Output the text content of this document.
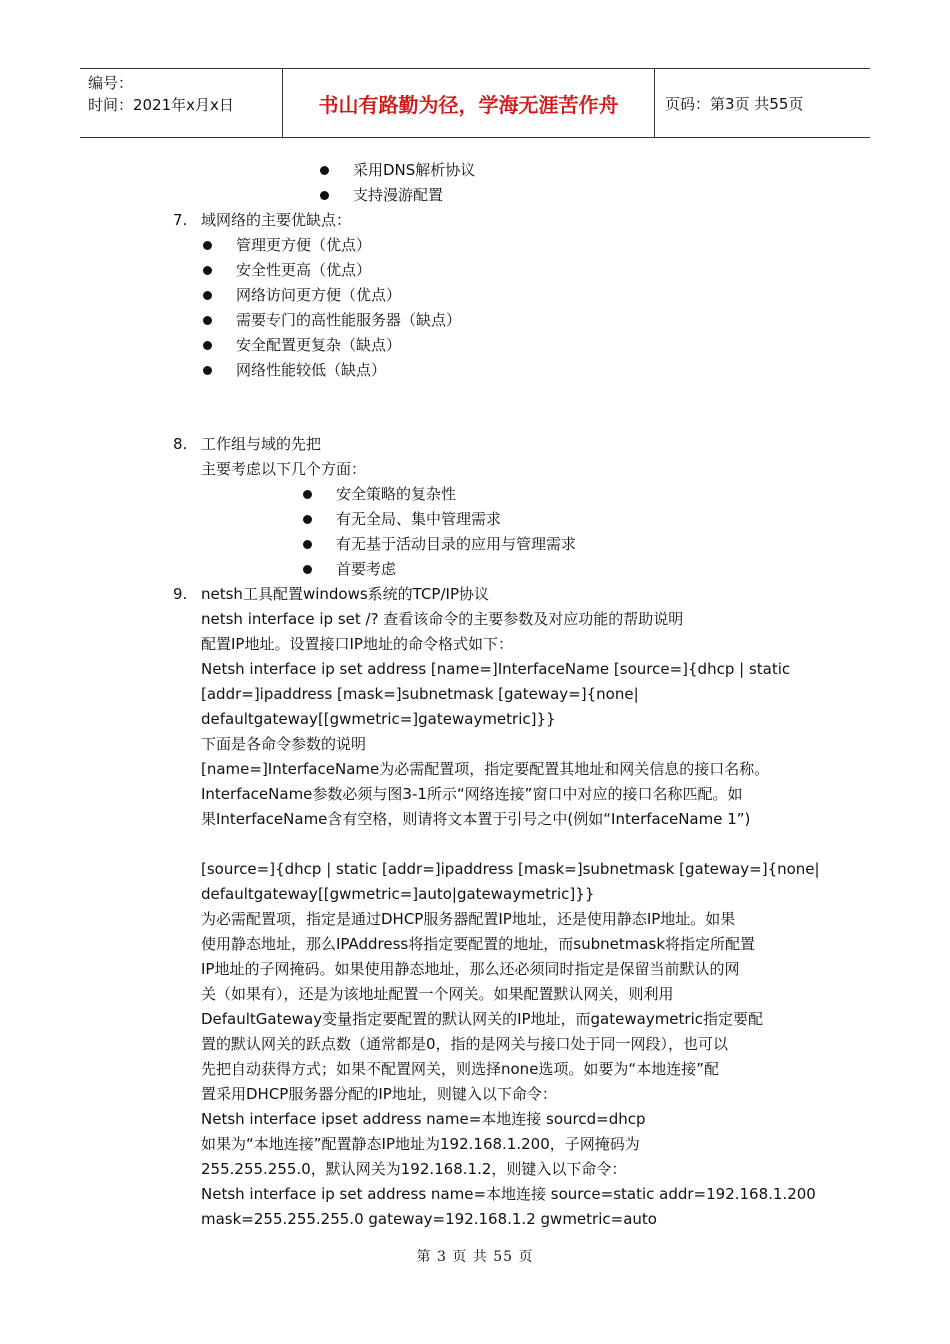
编号：
时间：2021年x月x日	书山有路勤为径，学海无涯苦作舟	页码：第3页 共55页
采用DNS解析协议
支持漫游配置
7. 域网络的主要优缺点：
管理更方便（优点）
安全性更高（优点）
网络访问更方便（优点）
需要专门的高性能服务器（缺点）
安全配置更复杂（缺点）
网络性能较低（缺点）
8. 工作组与域的先把
主要考虑以下几个方面：
安全策略的复杂性
有无全局、集中管理需求
有无基于活动目录的应用与管理需求
首要考虑
9. netsh工具配置windows系统的TCP/IP协议
netsh interface ip set /? 查看该命令的主要参数及对应功能的帮助说明
配置IP地址。设置接口IP地址的命令格式如下：
Netsh interface ip set address [name=]InterfaceName [source=]{dhcp | static
[addr=]ipaddress [mask=]subnetmask [gateway=]{none|
defaultgateway[[gwmetric=]gatewaymetric]}}
下面是各命令参数的说明
[name=]InterfaceName为必需配置项，指定要配置其地址和网关信息的接口名称。
InterfaceName参数必须与图3-1所示“网络连接”窗口中对应的接口名称匹配。如
果InterfaceName含有空格，则请将文本置于引号之中(例如“InterfaceName 1”)
[source=]{dhcp | static [addr=]ipaddress [mask=]subnetmask [gateway=]{none|
defaultgateway[[gwmetric=]auto|gatewaymetric]}}
为必需配置项，指定是通过DHCP服务器配置IP地址，还是使用静态IP地址。如果
使用静态地址，那么IPAddress将指定要配置的地址，而subnetmask将指定所配置
IP地址的子网掩码。如果使用静态地址，那么还必须同时指定是保留当前默认的网
关（如果有），还是为该地址配置一个网关。如果配置默认网关，则利用
DefaultGateway变量指定要配置的默认网关的IP地址，而gatewaymetric指定要配
置的默认网关的跃点数（通常都是0，指的是网关与接口处于同一网段），也可以
先把自动获得方式；如果不配置网关，则选择none选项。如要为“本地连接”配
置采用DHCP服务器分配的IP地址，则键入以下命令：
Netsh interface ipset address name=本地连接 sourcd=dhcp
如果为“本地连接”配置静态IP地址为192.168.1.200，子网掩码为
255.255.255.0，默认网关为192.168.1.2，则键入以下命令：
Netsh interface ip set address name=本地连接 source=static addr=192.168.1.200
mask=255.255.255.0 gateway=192.168.1.2 gwmetric=auto
第 3 页 共 55 页
